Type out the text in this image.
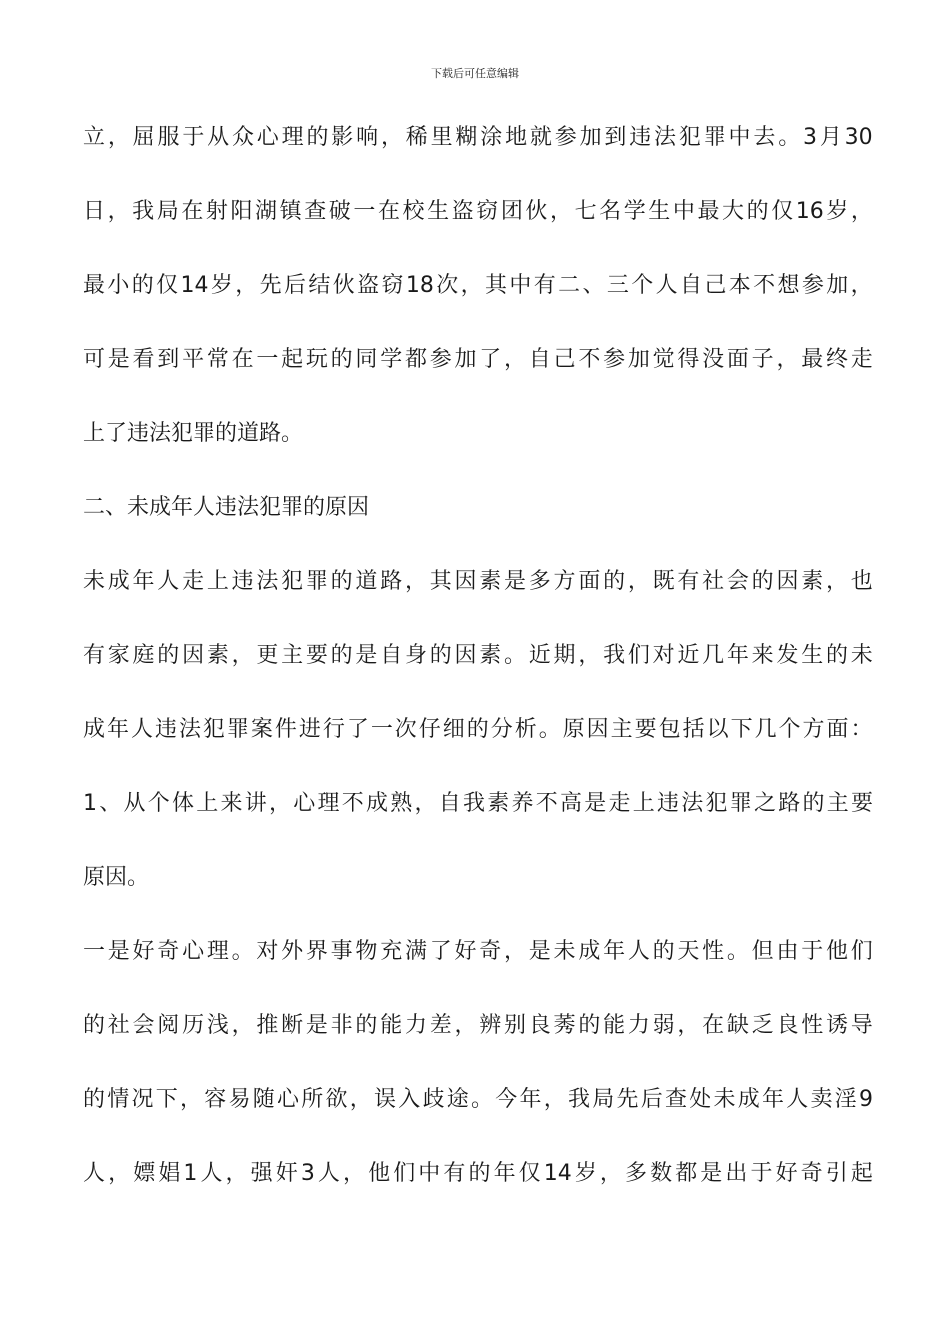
下载后可任意编辑
立 ， 屈 服 于 从 众 心 理 的 影 响 ， 稀 里 糊 涂 地 就 参 加 到 违 法 犯 罪 中 去 。 3 月 30
日 ， 我 局 在 射 阳 湖 镇 查 破 一 在 校 生 盗 窃 团 伙 ， 七 名 学 生 中 最 大 的 仅 16 岁 ，
最 小 的 仅 14 岁 ， 先 后 结 伙 盗 窃 18 次 ， 其 中 有 二 、 三 个 人 自 己 本 不 想 参 加 ，
可 是 看 到 平 常 在 一 起 玩 的 同 学 都 参 加 了 ， 自 己 不 参 加 觉 得 没 面 子 ， 最 终 走
上了违法犯罪的道路。
二、未成年人违法犯罪的原因
未 成 年 人 走 上 违 法 犯 罪 的 道 路 ， 其 因 素 是 多 方 面 的 ， 既 有 社 会 的 因 素 ， 也
有 家 庭 的 因 素 ， 更 主 要 的 是 自 身 的 因 素 。 近 期 ， 我 们 对 近 几 年 来 发 生 的 未
成 年 人 违 法 犯 罪 案 件 进 行 了 一 次 仔 细 的 分 析 。 原 因 主 要 包 括 以 下 几 个 方 面 ：
1 、 从 个 体 上 来 讲 ， 心 理 不 成 熟 ， 自 我 素 养 不 高 是 走 上 违 法 犯 罪 之 路 的 主 要
原因。
一 是 好 奇 心 理 。 对 外 界 事 物 充 满 了 好 奇 ， 是 未 成 年 人 的 天 性 。 但 由 于 他 们
的 社 会 阅 历 浅 ， 推 断 是 非 的 能 力 差 ， 辨 别 良 莠 的 能 力 弱 ， 在 缺 乏 良 性 诱 导
的 情 况 下 ， 容 易 随 心 所 欲 ， 误 入 歧 途 。 今 年 ， 我 局 先 后 查 处 未 成 年 人 卖 淫 9
人 ， 嫖 娼 1 人 ， 强 奸 3 人 ， 他 们 中 有 的 年 仅 14 岁 ， 多 数 都 是 出 于 好 奇 引 起
